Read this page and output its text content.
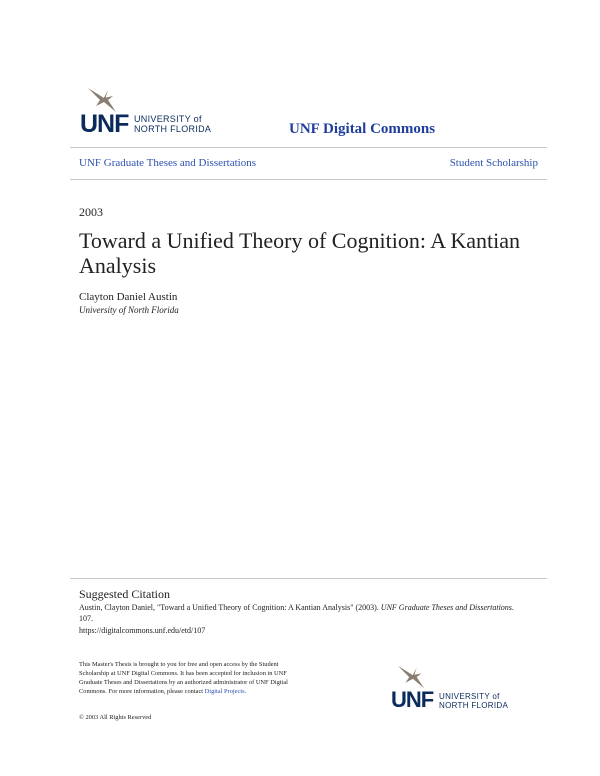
UNF UNIVERSITY of
NORTH FLORIDA	UNF Digital Commons
UNF Graduate Theses and Dissertations	Student Scholarship
2003
Toward a Unified Theory of Cognition: A Kantian Analysis
Clayton Daniel Austin
University of North Florida
Suggested Citation
Austin, Clayton Daniel, "Toward a Unified Theory of Cognition: A Kantian Analysis" (2003). UNF Graduate Theses and Dissertations. 107.
https://digitalcommons.unf.edu/etd/107
This Master's Thesis is brought to you for free and open access by the Student Scholarship at UNF Digital Commons. It has been accepted for inclusion in UNF Graduate Theses and Dissertations by an authorized administrator of UNF Digital Commons. For more information, please contact Digital Projects.
© 2003 All Rights Reserved
UNF UNIVERSITY of
NORTH FLORIDA
